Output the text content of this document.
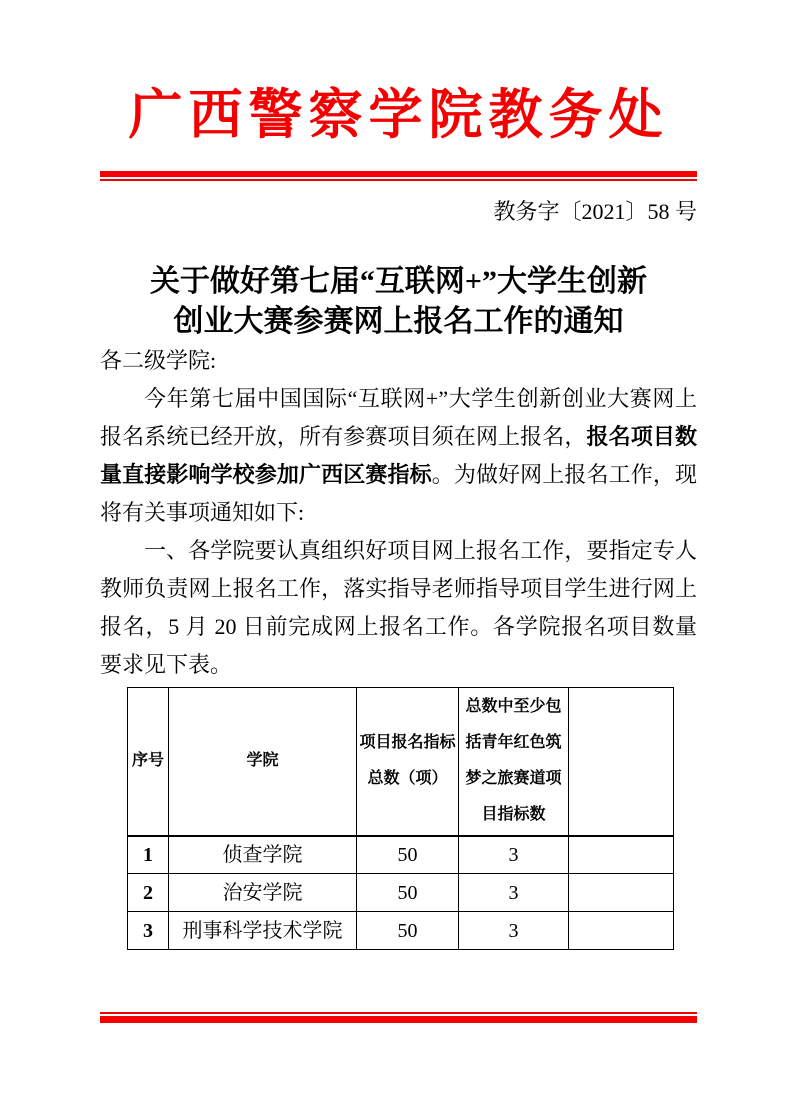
广西警察学院教务处
教务字〔2021〕58 号
关于做好第七届“互联网+”大学生创新
创业大赛参赛网上报名工作的通知

各二级学院:

今年第七届中国国际“互联网+”大学生创新创业大赛网上报名系统已经开放，所有参赛项目须在网上报名，报名项目数量直接影响学校参加广西区赛指标。为做好网上报名工作，现将有关事项通知如下:

一、各学院要认真组织好项目网上报名工作，要指定专人教师负责网上报名工作，落实指导老师指导项目学生进行网上报名，5 月 20 日前完成网上报名工作。各学院报名项目数量要求见下表。

序号	学院	项目报名指标总数（项）	总数中至少包括青年红色筑梦之旅赛道项目指标数	
1	侦查学院	50	3	
2	治安学院	50	3	
3	刑事科学技术学院	50	3	
